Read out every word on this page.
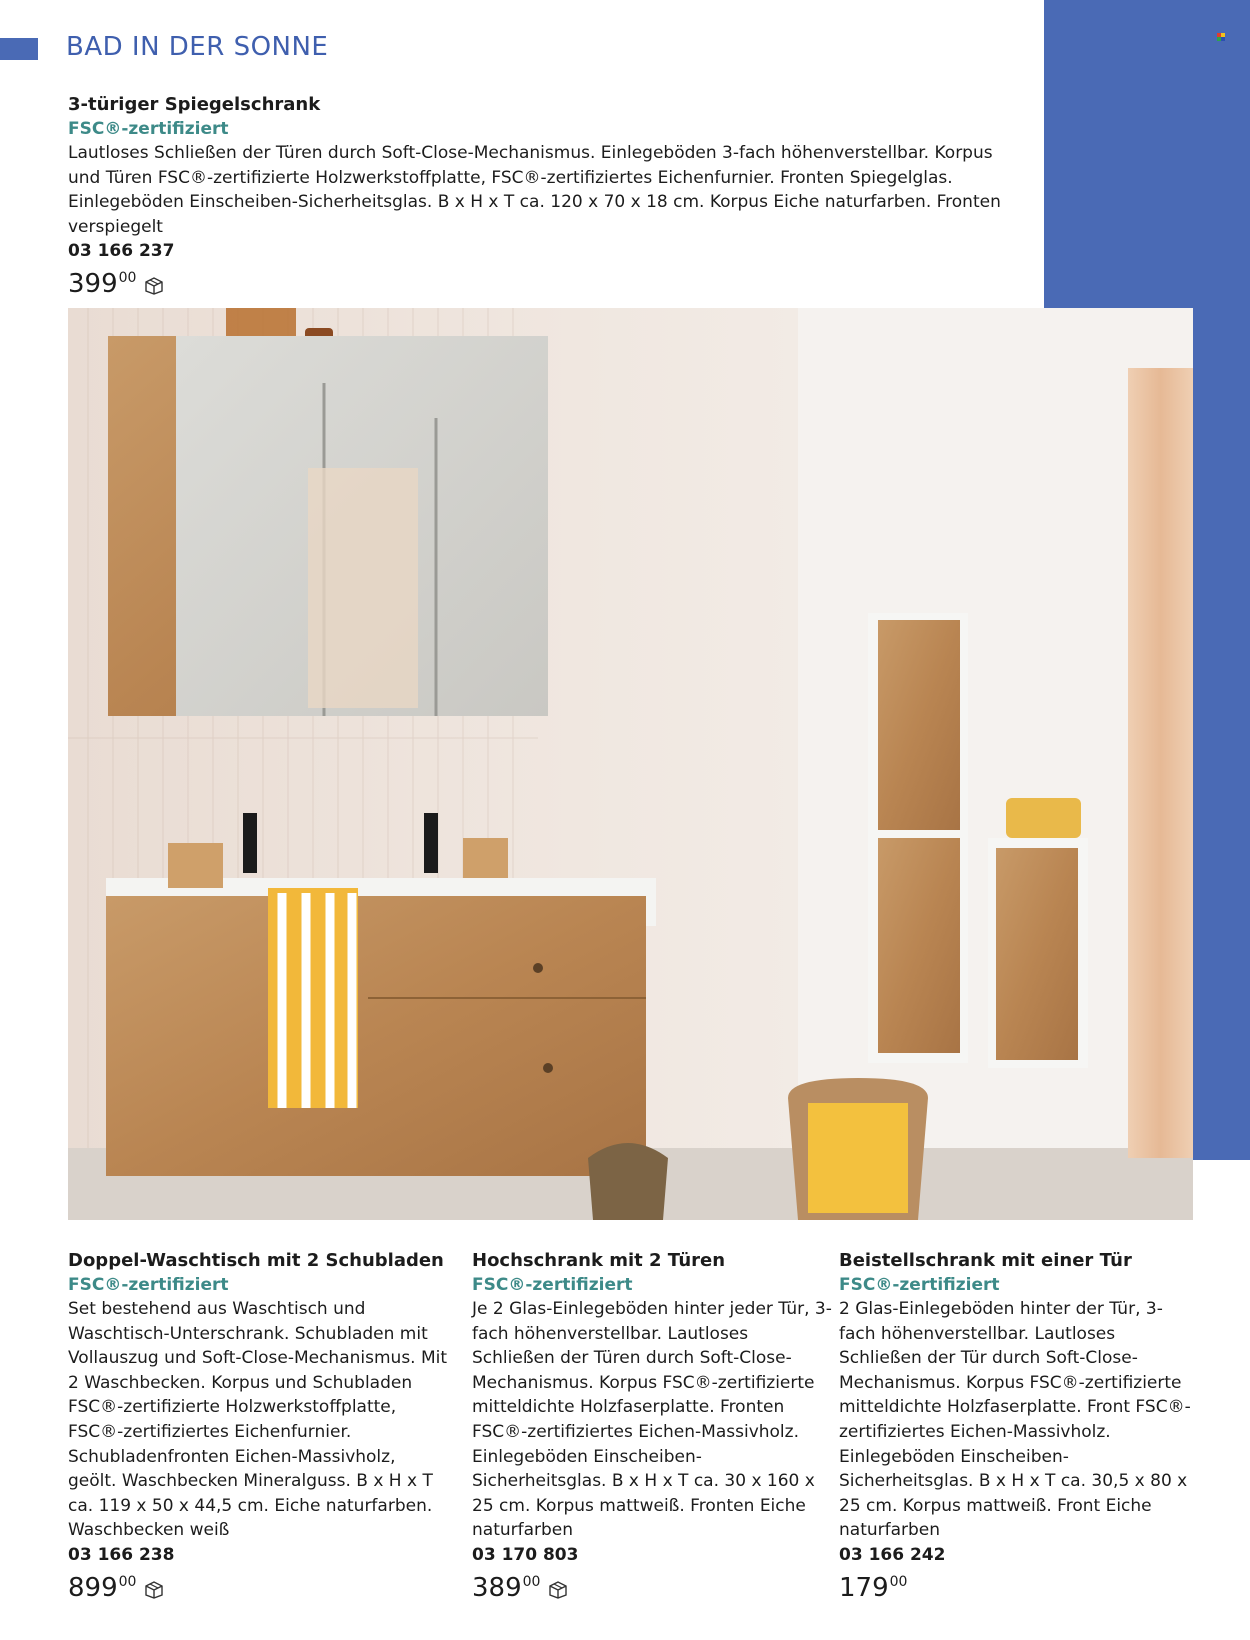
BAD IN DER SONNE
3-türiger Spiegelschrank
FSC®-zertifiziert
Lautloses Schließen der Türen durch Soft-Close-Mechanismus. Einlegeböden 3-fach höhenverstellbar. Korpus und Türen FSC®-zertifizierte Holzwerkstoffplatte, FSC®-zertifiziertes Eichenfurnier. Fronten Spiegelglas. Einlegeböden Einscheiben-Sicherheitsglas. B x H x T ca. 120 x 70 x 18 cm. Korpus Eiche naturfarben. Fronten verspiegelt
03 166 237
399 00
Doppel-Waschtisch mit 2 Schubladen
FSC®-zertifiziert
Set bestehend aus Waschtisch und Waschtisch-Unterschrank. Schubladen mit Vollauszug und Soft-Close-Mechanismus. Mit 2 Waschbecken. Korpus und Schubladen FSC®-zertifizierte Holzwerkstoffplatte, FSC®-zertifiziertes Eichenfurnier. Schubladenfronten Eichen-Massivholz, geölt. Waschbecken Mineralguss. B x H x T ca. 119 x 50 x 44,5 cm. Eiche naturfarben. Waschbecken weiß
03 166 238
899 00
Hochschrank mit 2 Türen
FSC®-zertifiziert
Je 2 Glas-Einlegeböden hinter jeder Tür, 3-fach höhenverstellbar. Lautloses Schließen der Türen durch Soft-Close-Mechanismus. Korpus FSC®-zertifizierte mitteldichte Holzfaserplatte. Fronten FSC®-zertifiziertes Eichen-Massivholz. Einlegeböden Einscheiben-Sicherheitsglas. B x H x T ca. 30 x 160 x 25 cm. Korpus mattweiß. Fronten Eiche naturfarben
03 170 803
389 00
Beistellschrank mit einer Tür
FSC®-zertifiziert
2 Glas-Einlegeböden hinter der Tür, 3-fach höhenverstellbar. Lautloses Schließen der Tür durch Soft-Close-Mechanismus. Korpus FSC®-zertifizierte mitteldichte Holzfaserplatte. Front FSC®-zertifiziertes Eichen-Massivholz. Einlegeböden Einscheiben-Sicherheitsglas. B x H x T ca. 30,5 x 80 x 25 cm. Korpus mattweiß. Front Eiche naturfarben
03 166 242
179 00
